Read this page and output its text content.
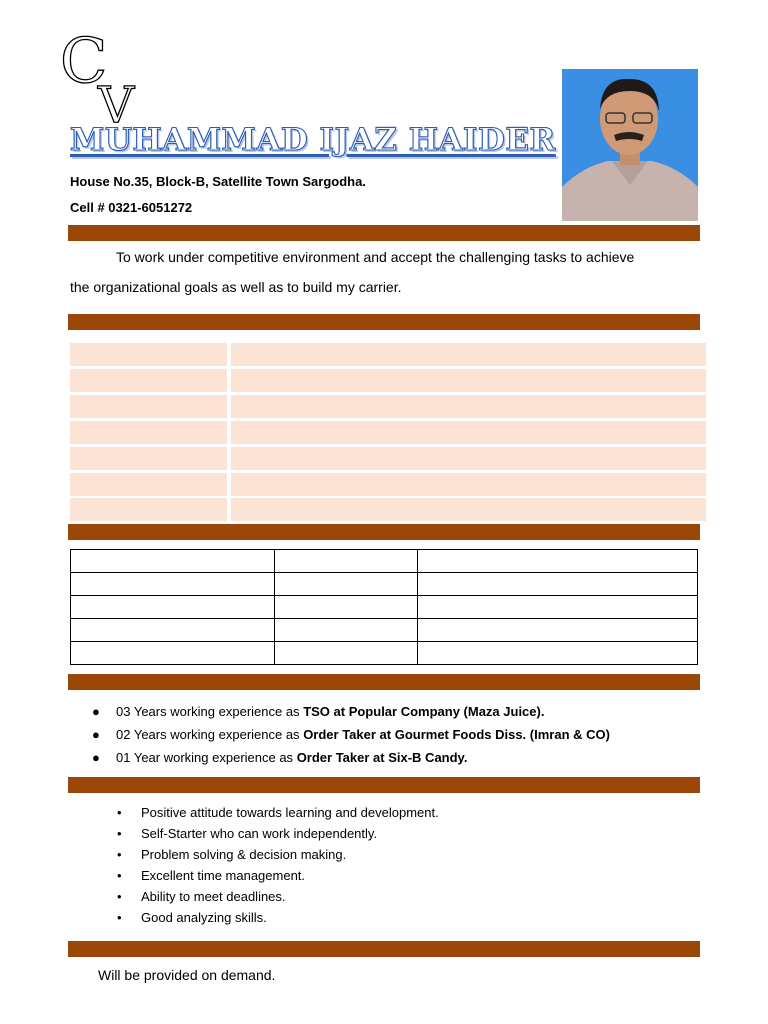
C
V
MUHAMMAD IJAZ HAIDER
House No.35, Block-B, Satellite Town Sargodha.
Cell # 0321-6051272
To work under competitive environment and accept the challenging tasks to achieve
the organizational goals as well as to build my carrier.

● 03 Years working experience as TSO at Popular Company (Maza Juice).
● 02 Years working experience as Order Taker at Gourmet Foods Diss. (Imran & CO)
● 01 Year working experience as Order Taker at Six-B Candy.
• Positive attitude towards learning and development.
• Self-Starter who can work independently.
• Problem solving & decision making.
• Excellent time management.
• Ability to meet deadlines.
• Good analyzing skills.
Will be provided on demand.
